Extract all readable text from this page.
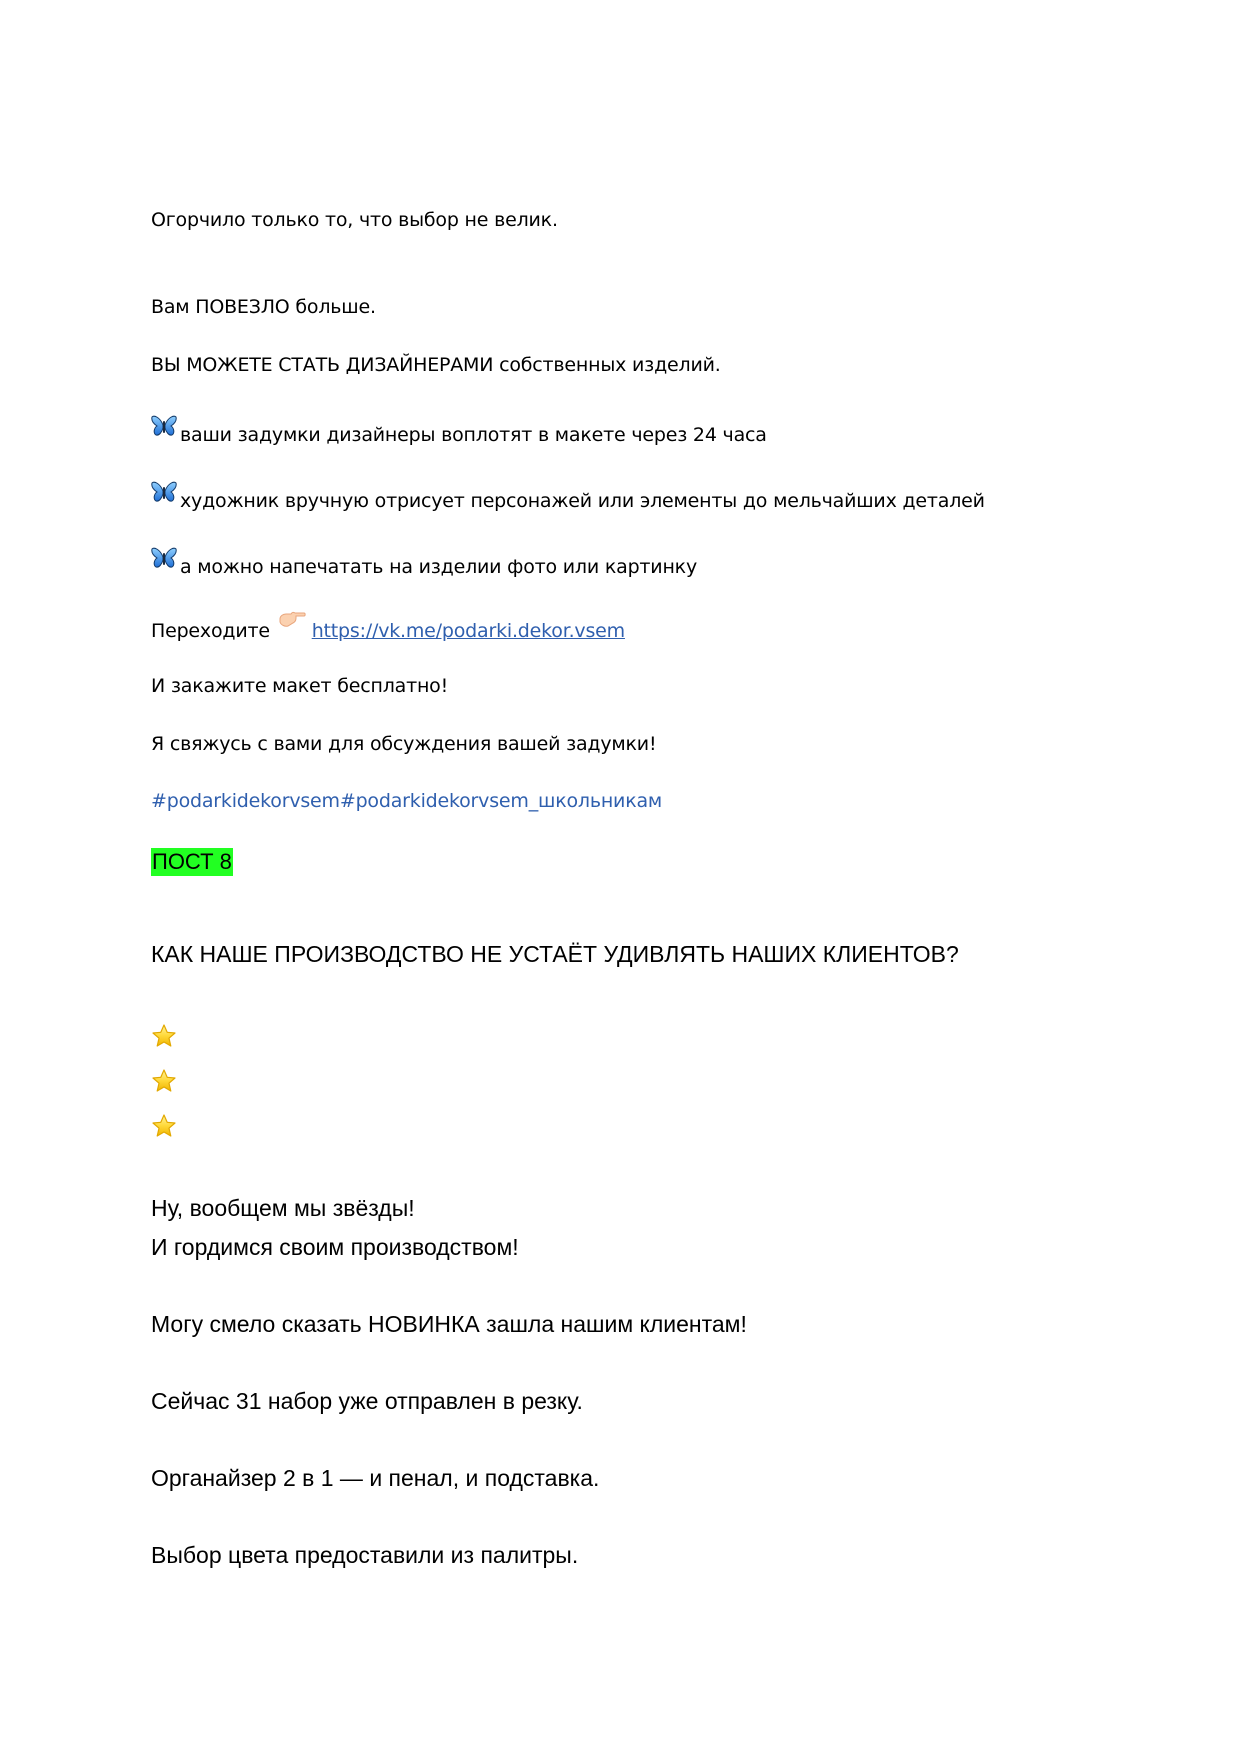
Огорчило только то, что выбор не велик.
Вам ПОВЕЗЛО больше.
ВЫ МОЖЕТЕ СТАТЬ ДИЗАЙНЕРАМИ собственных изделий.
ваши задумки дизайнеры воплотят в макете через 24 часа
художник вручную отрисует персонажей или элементы до мельчайших деталей
а можно напечатать на изделии фото или картинку
Переходите https://vk.me/podarki.dekor.vsem
И закажите макет бесплатно!
Я свяжусь с вами для обсуждения вашей задумки!
#podarkidekorvsem#podarkidekorvsem_школьникам
ПОСТ 8
КАК НАШЕ ПРОИЗВОДСТВО НЕ УСТАЁТ УДИВЛЯТЬ НАШИХ КЛИЕНТОВ?
Ну, вообщем мы звёзды!
И гордимся своим производством!
Могу смело сказать НОВИНКА зашла нашим клиентам!
Сейчас 31 набор уже отправлен в резку.
Органайзер 2 в 1 — и пенал, и подставка.
Выбор цвета предоставили из палитры.
